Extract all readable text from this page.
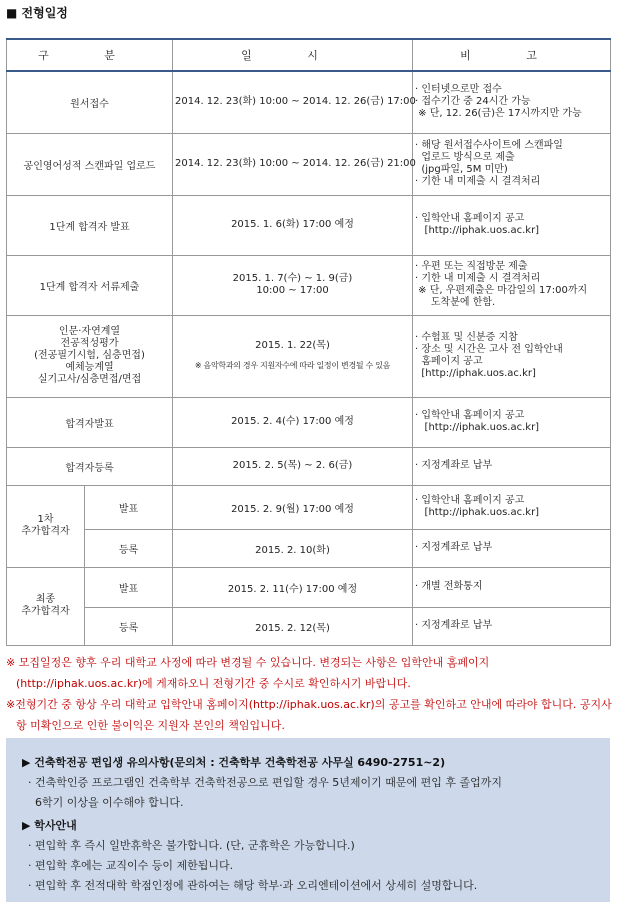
■ 전형일정
구 분		일 시	비 고
원서접수		2014. 12. 23(화) 10:00 ~ 2014. 12. 26(금) 17:00	· 인터넷으로만 접수
· 접수기간 중 24시간 가능
※ 단, 12. 26(금)은 17시까지만 가능

공인영어성적 스캔파일 업로드		2014. 12. 23(화) 10:00 ~ 2014. 12. 26(금) 21:00	· 해당 원서접수사이트에 스캔파일
업로드 방식으로 제출
(jpg파일, 5M 미만)
· 기한 내 미제출 시 결격처리

1단계 합격자 발표		2015. 1. 6(화) 17:00 예정	· 입학안내 홈페이지 공고
[http://iphak.uos.ac.kr]

1단계 합격자 서류제출		2015. 1. 7(수) ~ 1. 9(금)
10:00 ~ 17:00	· 우편 또는 직접방문 제출
· 기한 내 미제출 시 결격처리
※ 단, 우편제출은 마감일의 17:00까지
도착분에 한함.

인문·자연계열
전공적성평가
(전공필기시험, 심층면접)
예체능계열
실기고사/심층면접/면접		2015. 1. 22(목)
※ 음악학과의 경우 지원자수에 따라 일정이 변경될 수 있음	· 수험표 및 신분증 지참
· 장소 및 시간은 고사 전 입학안내
홈페이지 공고
[http://iphak.uos.ac.kr]

합격자발표		2015. 2. 4(수) 17:00 예정	· 입학안내 홈페이지 공고
[http://iphak.uos.ac.kr]

합격자등록		2015. 2. 5(목) ~ 2. 6(금)	· 지정계좌로 납부

1차
추가합격자	발표	2015. 2. 9(월) 17:00 예정	· 입학안내 홈페이지 공고
[http://iphak.uos.ac.kr]

	등록	2015. 2. 10(화)	· 지정계좌로 납부

최종
추가합격자	발표	2015. 2. 11(수) 17:00 예정	· 개별 전화통지

	등록	2015. 2. 12(목)	· 지정계좌로 납부
※ 모집일정은 향후 우리 대학교 사정에 따라 변경될 수 있습니다. 변경되는 사항은 입학안내 홈페이지 (http://iphak.uos.ac.kr)에 게재하오니 전형기간 중 수시로 확인하시기 바랍니다.
※전형기간 중 항상 우리 대학교 입학안내 홈페이지(http://iphak.uos.ac.kr)의 공고를 확인하고 안내에 따라야 합니다. 공지사항 미확인으로 인한 불이익은 지원자 본인의 책임입니다.
▶ 건축학전공 편입생 유의사항(문의처 : 건축학부 건축학전공 사무실 6490-2751~2)
· 건축학인증 프로그램인 건축학부 건축학전공으로 편입할 경우 5년제이기 때문에 편입 후 졸업까지
6학기 이상을 이수해야 합니다.
▶ 학사안내
· 편입학 후 즉시 일반휴학은 불가합니다. (단, 군휴학은 가능합니다.)
· 편입학 후에는 교직이수 등이 제한됩니다.
· 편입학 후 전적대학 학점인정에 관하여는 해당 학부·과 오리엔테이션에서 상세히 설명합니다.
